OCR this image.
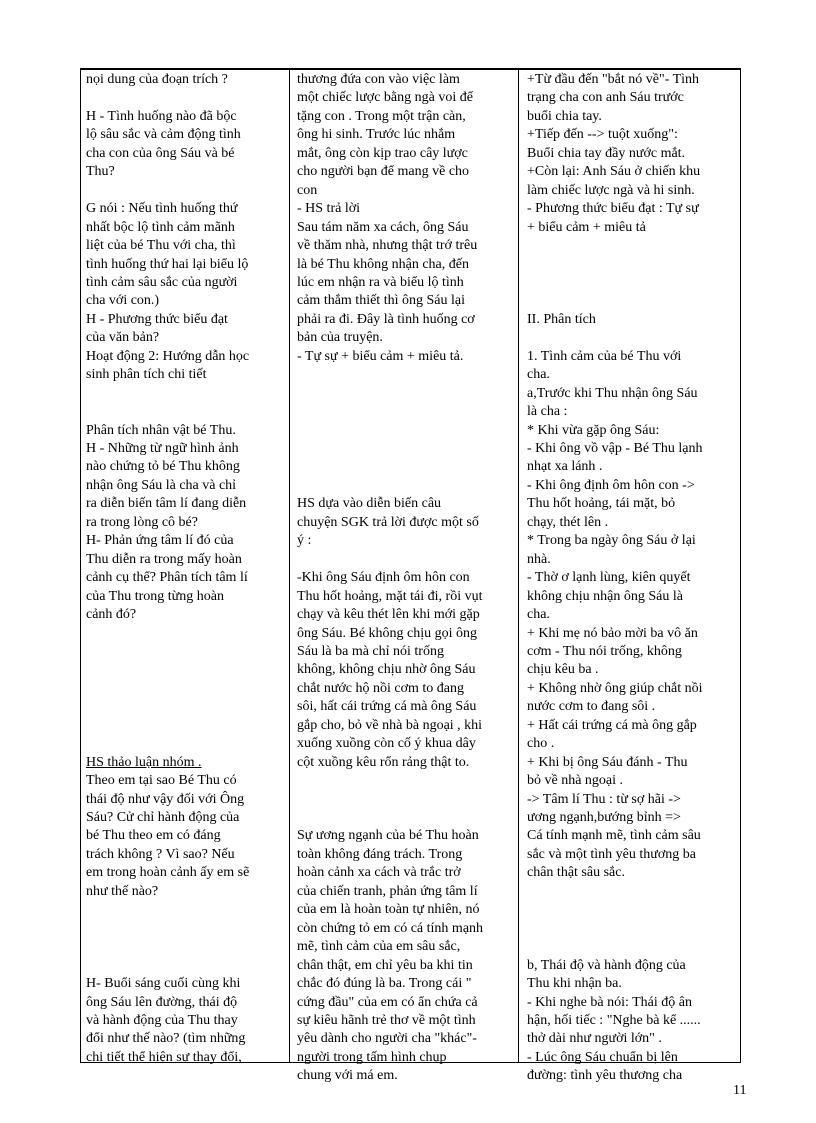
nọi dung của đoạn trích ?
H - Tình huống nào đã bộc
lộ sâu sắc và cảm động tình
cha con của ông Sáu và bé
Thu?
G nói : Nếu tình huống thứ
nhất bộc lộ tình cảm mãnh
liệt của bé Thu với cha, thì
tình huống thứ hai lại biểu lộ
tình cảm sâu sắc của người
cha với con.)
H - Phương thức biểu đạt
của văn bản?
Hoạt động 2: Hướng dẫn học
sinh phân tích chi tiết
Phân tích nhân vật bé Thu.
H - Những từ ngữ hình ảnh
nào chứng tỏ bé Thu không
nhận ông Sáu là cha và chỉ
ra diễn biến tâm lí đang diễn
ra trong lòng cô bé?
H- Phản ứng tâm lí đó của
Thu diễn ra trong mấy hoàn
cảnh cụ thể? Phân tích tâm lí
của Thu trong từng hoàn
cảnh đó?
HS thảo luận nhóm .
Theo em tại sao Bé Thu có
thái độ như vậy đối với Ông
Sáu? Cử chỉ hành động của
bé Thu theo em có đáng
trách không ? Vì sao? Nếu
em trong hoàn cảnh ấy em sẽ
như thế nào?
H- Buổi sáng cuối cùng khi
ông Sáu lên đường, thái độ
và hành động của Thu thay
đổi như thế nào? (tìm những
chi tiết thể hiện sự thay đổi,
thương đứa con vào việc làm
một chiếc lược bằng ngà voi để
tặng con . Trong một trận càn,
ông hi sinh. Trước lúc nhắm
mắt, ông còn kịp trao cây lược
cho người bạn để mang về cho
con
- HS trả lời
Sau tám năm xa cách, ông Sáu
về thăm nhà, nhưng thật trớ trêu
là bé Thu không nhận cha, đến
lúc em nhận ra và biểu lộ tình
cảm thắm thiết thì ông Sáu lại
phải ra đi. Đây là tình huống cơ
bản của truyện.
- Tự sự + biểu cảm + miêu tả.
HS dựa vào diễn biến câu
chuyện SGK trả lời được một số
ý :
-Khi ông Sáu định ôm hôn con
Thu hốt hoảng, mặt tái đi, rồi vụt
chạy và kêu thét lên khi mới gặp
ông Sáu. Bé không chịu gọi ông
Sáu là ba mà chỉ nói trống
không, không chịu nhờ ông Sáu
chắt nước hộ nồi cơm to đang
sôi, hất cái trứng cá mà ông Sáu
gắp cho, bỏ về nhà bà ngoại , khi
xuống xuồng còn cố ý khua dây
cột xuồng kêu rổn rảng thật to.
Sự ương ngạnh của bé Thu hoàn
toàn không đáng trách. Trong
hoàn cảnh xa cách và trắc trở
của chiến tranh, phản ứng tâm lí
của em là hoàn toàn tự nhiên, nó
còn chứng tỏ em có cá tính mạnh
mẽ, tình cảm của em sâu sắc,
chân thật, em chỉ yêu ba khi tin
chắc đó đúng là ba. Trong cái "
cứng đầu" của em có ẩn chứa cả
sự kiêu hãnh trẻ thơ về một tình
yêu dành cho người cha "khác"-
người trong tấm hình chụp
chung với má em.
+Từ đầu đến "bắt nó về"- Tình
trạng cha con anh Sáu trước
buổi chia tay.
+Tiếp đến --> tuột xuống":
Buổi chia tay đầy nước mắt.
+Còn lại: Anh Sáu ở chiến khu
làm chiếc lược ngà và hi sinh.
- Phương thức biểu đạt : Tự sự
+ biểu cảm + miêu tả
II. Phân tích
1. Tình cảm của bé Thu với
cha.
a,Trước khi Thu nhận ông Sáu
là cha :
* Khi vừa gặp ông Sáu:
- Khi ông vồ vập - Bé Thu lạnh
nhạt xa lánh .
- Khi ông định ôm hôn con ->
Thu hốt hoảng, tái mặt, bỏ
chạy, thét lên .
* Trong ba ngày ông Sáu ở lại
nhà.
- Thờ ơ lạnh lùng, kiên quyết
không chịu nhận ông Sáu là
cha.
+ Khi mẹ nó bảo mời ba vô ăn
cơm - Thu nói trống, không
chịu kêu ba .
+ Không nhờ ông giúp chắt nồi
nước cơm to đang sôi .
+ Hất cái trứng cá mà ông gắp
cho .
+ Khi bị ông Sáu đánh - Thu
bỏ về nhà ngoại .
-> Tâm lí Thu : từ sợ hãi ->
ương ngạnh,bướng bỉnh =>
Cá tính mạnh mẽ, tình cảm sâu
sắc và một tình yêu thương ba
chân thật sâu sắc.
b, Thái độ và hành động của
Thu khi nhận ba.
- Khi nghe bà nói: Thái độ ân
hận, hối tiếc : "Nghe bà kể ......
thở dài như người lớn" .
- Lúc ông Sáu chuẩn bị lên
đường: tình yêu thương cha
11
